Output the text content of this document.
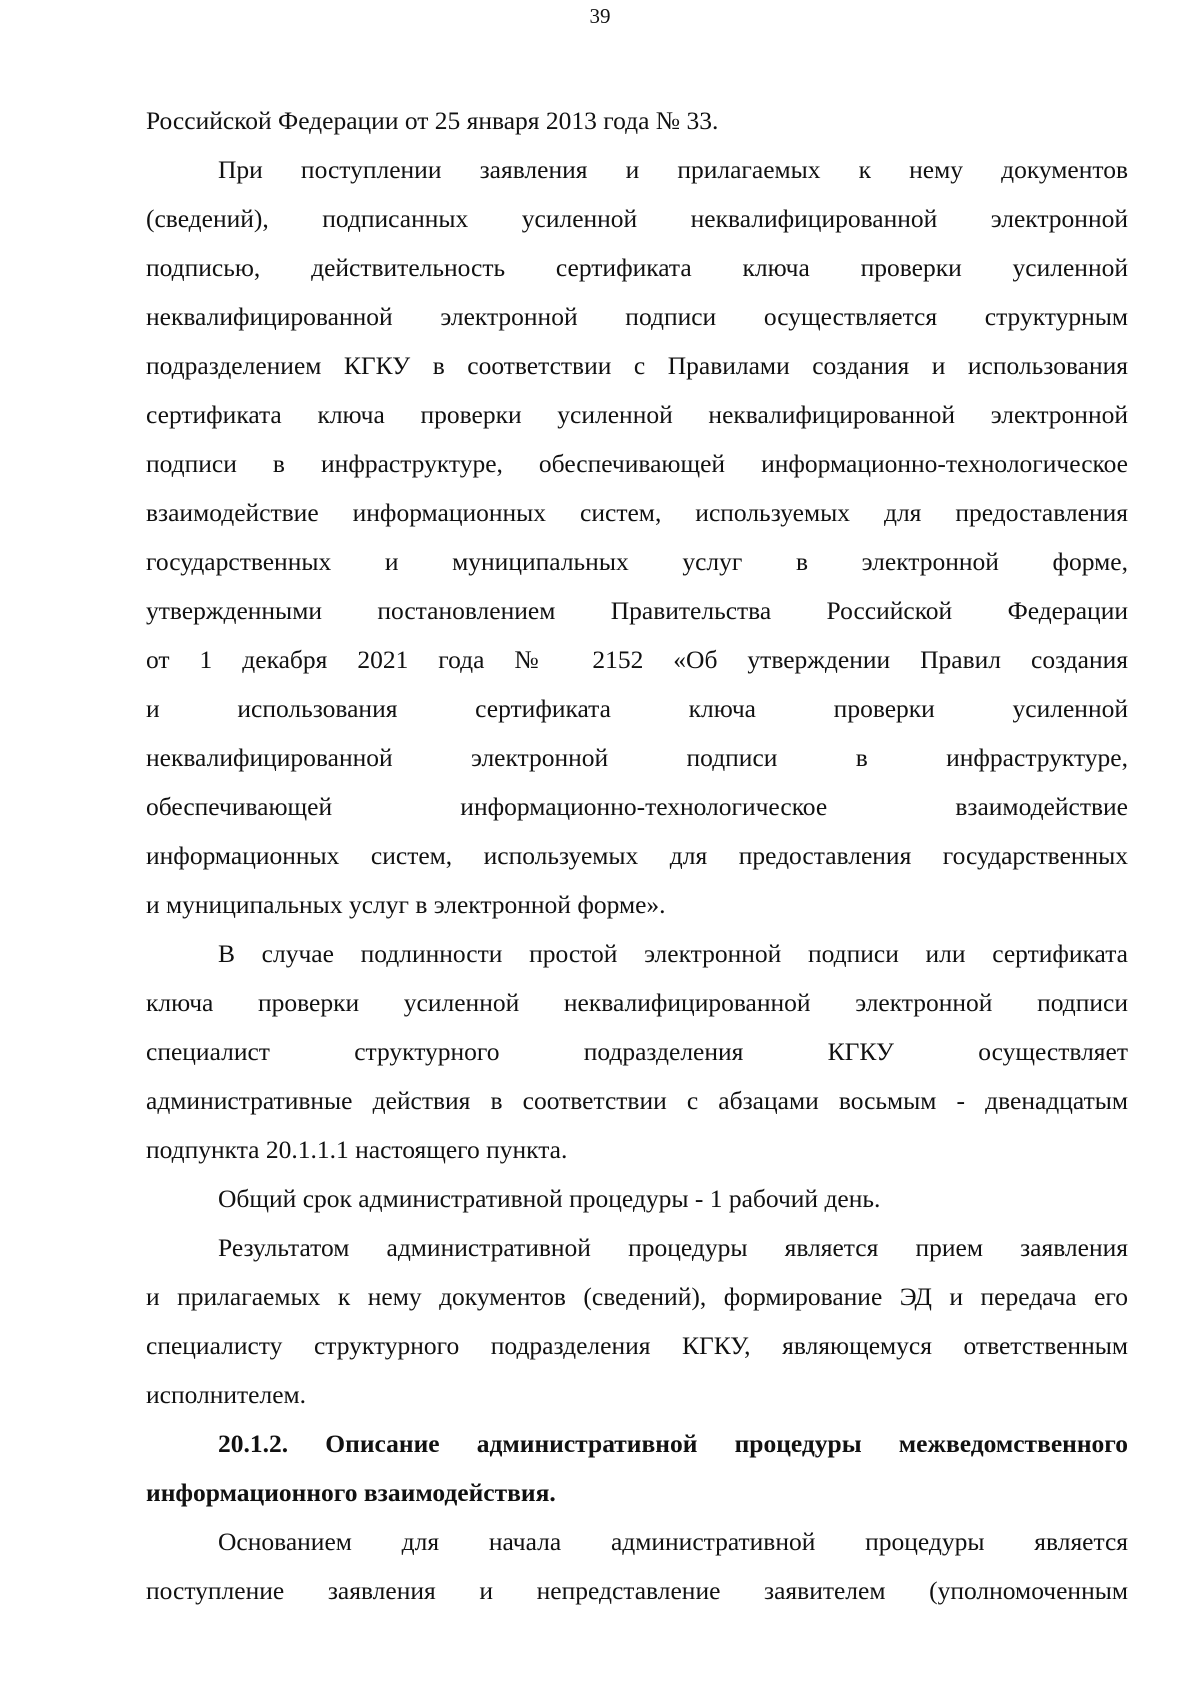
39
Российской Федерации от 25 января 2013 года № 33.
При поступлении заявления и прилагаемых к нему документов
(сведений), подписанных усиленной неквалифицированной электронной
подписью, действительность сертификата ключа проверки усиленной
неквалифицированной электронной подписи осуществляется структурным
подразделением КГКУ в соответствии с Правилами создания и использования
сертификата ключа проверки усиленной неквалифицированной электронной
подписи в инфраструктуре, обеспечивающей информационно-технологическое
взаимодействие информационных систем, используемых для предоставления
государственных и муниципальных услуг в электронной форме,
утвержденными постановлением Правительства Российской Федерации
от 1 декабря 2021 года № 2152 «Об утверждении Правил создания
и использования сертификата ключа проверки усиленной
неквалифицированной электронной подписи в инфраструктуре,
обеспечивающей информационно-технологическое взаимодействие
информационных систем, используемых для предоставления государственных
и муниципальных услуг в электронной форме».
В случае подлинности простой электронной подписи или сертификата
ключа проверки усиленной неквалифицированной электронной подписи
специалист структурного подразделения КГКУ осуществляет
административные действия в соответствии с абзацами восьмым - двенадцатым
подпункта 20.1.1.1 настоящего пункта.
Общий срок административной процедуры - 1 рабочий день.
Результатом административной процедуры является прием заявления
и прилагаемых к нему документов (сведений), формирование ЭД и передача его
специалисту структурного подразделения КГКУ, являющемуся ответственным
исполнителем.
20.1.2. Описание административной процедуры межведомственного
информационного взаимодействия.
Основанием для начала административной процедуры является
поступление заявления и непредставление заявителем (уполномоченным
